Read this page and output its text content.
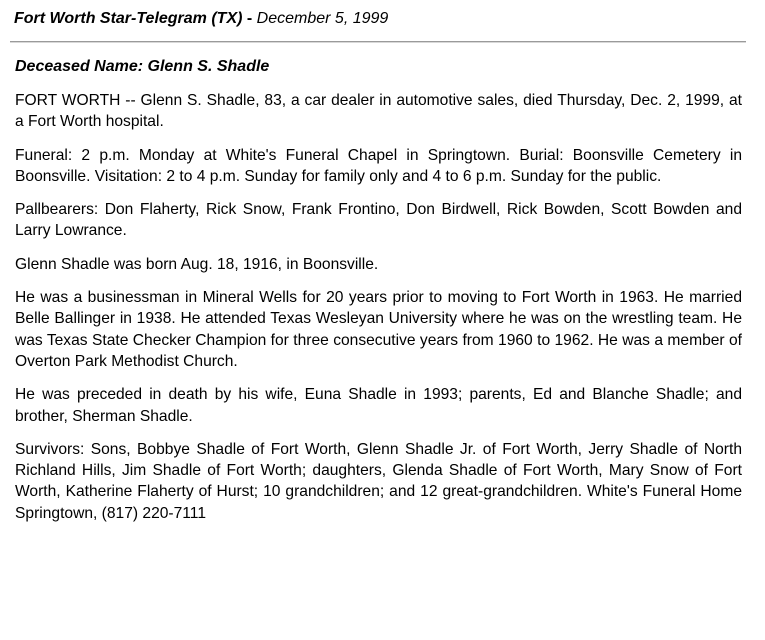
Fort Worth Star-Telegram (TX) - December 5, 1999
Deceased Name: Glenn S. Shadle

FORT WORTH -- Glenn S. Shadle, 83, a car dealer in automotive sales, died Thursday, Dec. 2, 1999, at a Fort Worth hospital.

Funeral: 2 p.m. Monday at White's Funeral Chapel in Springtown. Burial: Boonsville Cemetery in Boonsville. Visitation: 2 to 4 p.m. Sunday for family only and 4 to 6 p.m. Sunday for the public.

Pallbearers: Don Flaherty, Rick Snow, Frank Frontino, Don Birdwell, Rick Bowden, Scott Bowden and Larry Lowrance.

Glenn Shadle was born Aug. 18, 1916, in Boonsville.

He was a businessman in Mineral Wells for 20 years prior to moving to Fort Worth in 1963. He married Belle Ballinger in 1938. He attended Texas Wesleyan University where he was on the wrestling team. He was Texas State Checker Champion for three consecutive years from 1960 to 1962. He was a member of Overton Park Methodist Church.

He was preceded in death by his wife, Euna Shadle in 1993; parents, Ed and Blanche Shadle; and brother, Sherman Shadle.

Survivors: Sons, Bobbye Shadle of Fort Worth, Glenn Shadle Jr. of Fort Worth, Jerry Shadle of North Richland Hills, Jim Shadle of Fort Worth; daughters, Glenda Shadle of Fort Worth, Mary Snow of Fort Worth, Katherine Flaherty of Hurst; 10 grandchildren; and 12 great-grandchildren. White's Funeral Home Springtown, (817) 220-7111
